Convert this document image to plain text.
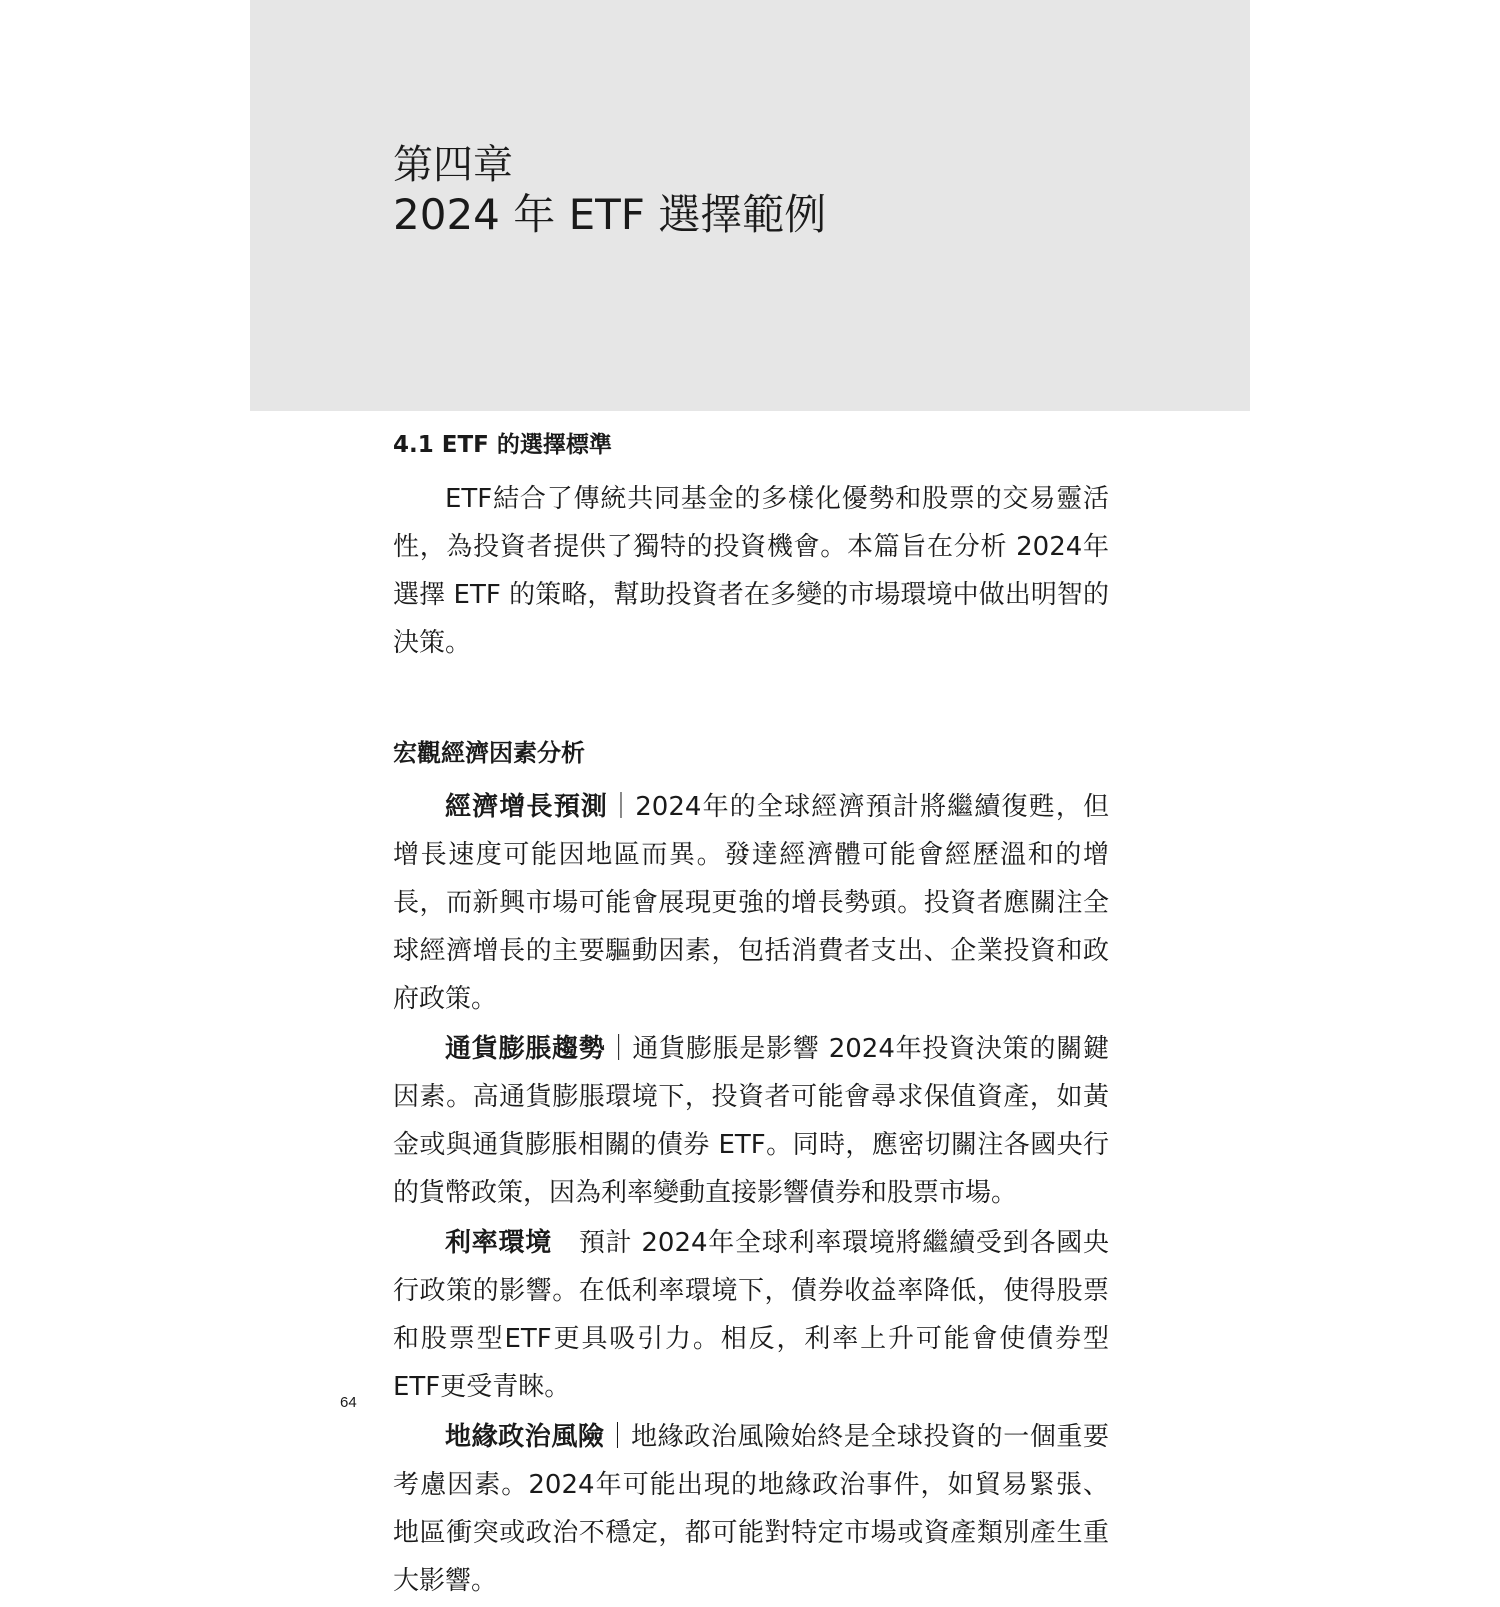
第四章
2024 年 ETF 選擇範例
4.1 ETF 的選擇標準

ETF結合了傳統共同基金的多樣化優勢和股票的交易靈活性，為投資者提供了獨特的投資機會。本篇旨在分析 2024年選擇 ETF 的策略，幫助投資者在多變的市場環境中做出明智的決策。

宏觀經濟因素分析

經濟增長預測｜2024年的全球經濟預計將繼續復甦，但增長速度可能因地區而異。發達經濟體可能會經歷溫和的增長，而新興市場可能會展現更強的增長勢頭。投資者應關注全球經濟增長的主要驅動因素，包括消費者支出、企業投資和政府政策。

通貨膨脹趨勢｜通貨膨脹是影響 2024年投資決策的關鍵因素。高通貨膨脹環境下，投資者可能會尋求保值資產，如黃金或與通貨膨脹相關的債券 ETF。同時，應密切關注各國央行的貨幣政策，因為利率變動直接影響債券和股票市場。

利率環境　 預計 2024年全球利率環境將繼續受到各國央行政策的影響。在低利率環境下，債券收益率降低，使得股票和股票型ETF更具吸引力。相反，利率上升可能會使債券型 ETF更受青睞。

地緣政治風險｜地緣政治風險始終是全球投資的一個重要考慮因素。2024年可能出現的地緣政治事件，如貿易緊張、地區衝突或政治不穩定，都可能對特定市場或資產類別產生重大影響。

64
